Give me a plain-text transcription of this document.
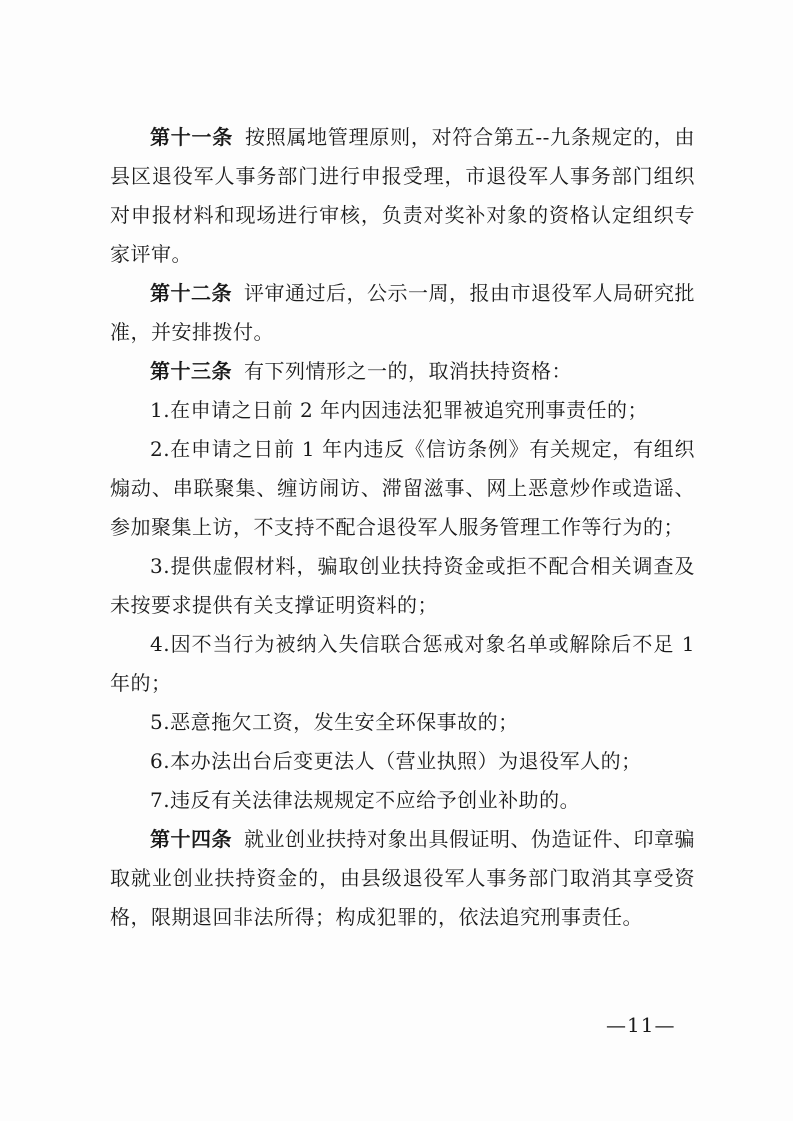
第十一条 按照属地管理原则，对符合第五--九条规定的，由县区退役军人事务部门进行申报受理，市退役军人事务部门组织对申报材料和现场进行审核，负责对奖补对象的资格认定组织专家评审。

第十二条 评审通过后，公示一周，报由市退役军人局研究批准，并安排拨付。

第十三条 有下列情形之一的，取消扶持资格：

1.在申请之日前 2 年内因违法犯罪被追究刑事责任的；

2.在申请之日前 1 年内违反《信访条例》有关规定，有组织煽动、串联聚集、缠访闹访、滞留滋事、网上恶意炒作或造谣、参加聚集上访，不支持不配合退役军人服务管理工作等行为的；

3.提供虚假材料，骗取创业扶持资金或拒不配合相关调查及未按要求提供有关支撑证明资料的；

4.因不当行为被纳入失信联合惩戒对象名单或解除后不足 1 年的；

5.恶意拖欠工资，发生安全环保事故的；

6.本办法出台后变更法人（营业执照）为退役军人的；

7.违反有关法律法规规定不应给予创业补助的。

第十四条 就业创业扶持对象出具假证明、伪造证件、印章骗取就业创业扶持资金的，由县级退役军人事务部门取消其享受资格，限期退回非法所得；构成犯罪的，依法追究刑事责任。

—11—
